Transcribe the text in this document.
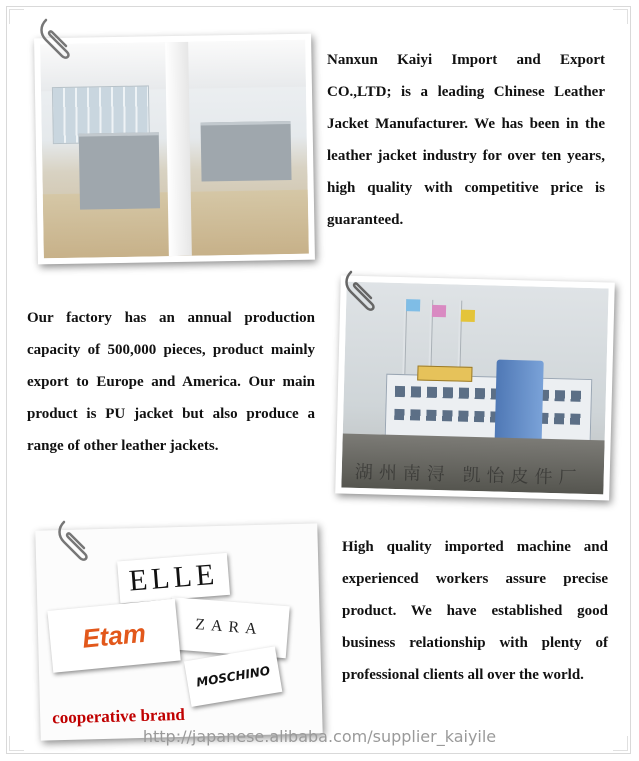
Nanxun Kaiyi Import and Export CO.,LTD; is a leading Chinese Leather Jacket Manufacturer. We has been in the leather jacket industry for over ten years, high quality with competitive price is guaranteed.

Our factory has an annual production capacity of 500,000 pieces, product mainly export to Europe and America. Our main product is PU jacket but also produce a range of other leather jackets.

湖州南浔 凯怡皮件厂
ELLE
ZARA
Etam
MOSCHINO
cooperative brand

High quality imported machine and experienced workers assure precise product. We have established good business relationship with plenty of professional clients all over the world.

http://japanese.alibaba.com/supplier_kaiyile
